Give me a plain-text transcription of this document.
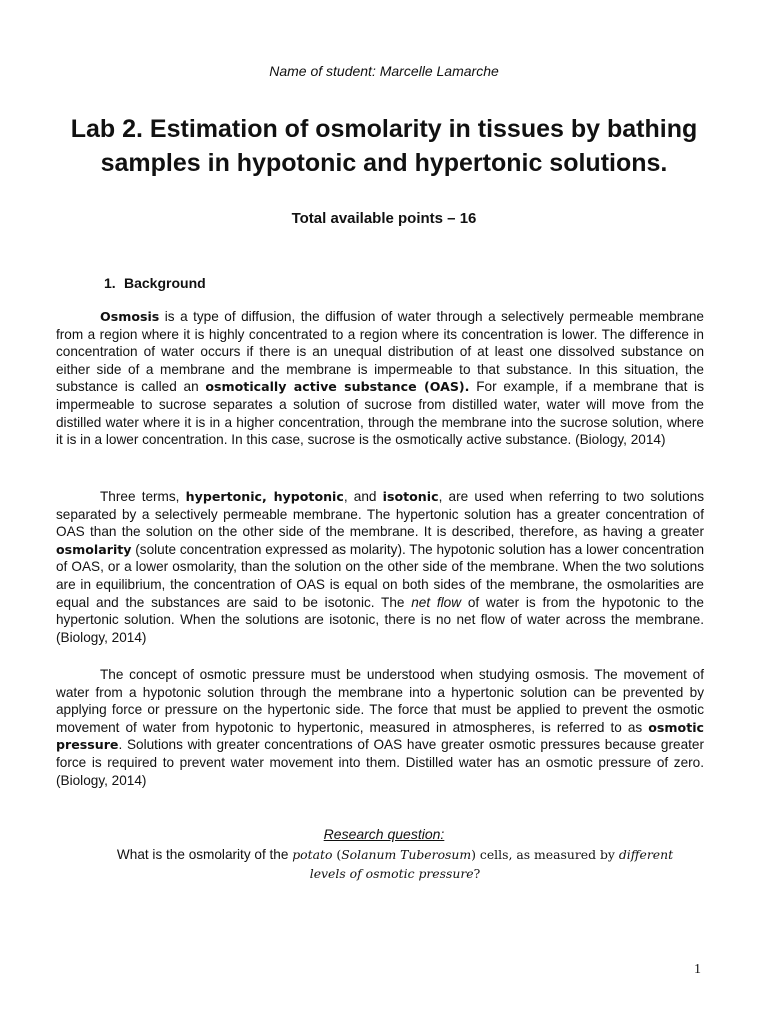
Name of student: Marcelle Lamarche
Lab 2. Estimation of osmolarity in tissues by bathing samples in hypotonic and hypertonic solutions.
Total available points – 16
1. Background

Osmosis is a type of diffusion, the diffusion of water through a selectively permeable membrane from a region where it is highly concentrated to a region where its concentration is lower. The difference in concentration of water occurs if there is an unequal distribution of at least one dissolved substance on either side of a membrane and the membrane is impermeable to that substance. In this situation, the substance is called an osmotically active substance (OAS). For example, if a membrane that is impermeable to sucrose separates a solution of sucrose from distilled water, water will move from the distilled water where it is in a higher concentration, through the membrane into the sucrose solution, where it is in a lower concentration. In this case, sucrose is the osmotically active substance. (Biology, 2014)

Three terms, hypertonic, hypotonic, and isotonic, are used when referring to two solutions separated by a selectively permeable membrane. The hypertonic solution has a greater concentration of OAS than the solution on the other side of the membrane. It is described, therefore, as having a greater osmolarity (solute concentration expressed as molarity). The hypotonic solution has a lower concentration of OAS, or a lower osmolarity, than the solution on the other side of the membrane. When the two solutions are in equilibrium, the concentration of OAS is equal on both sides of the membrane, the osmolarities are equal and the substances are said to be isotonic. The net flow of water is from the hypotonic to the hypertonic solution. When the solutions are isotonic, there is no net flow of water across the membrane. (Biology, 2014)

The concept of osmotic pressure must be understood when studying osmosis. The movement of water from a hypotonic solution through the membrane into a hypertonic solution can be prevented by applying force or pressure on the hypertonic side. The force that must be applied to prevent the osmotic movement of water from hypotonic to hypertonic, measured in atmospheres, is referred to as osmotic pressure. Solutions with greater concentrations of OAS have greater osmotic pressures because greater force is required to prevent water movement into them. Distilled water has an osmotic pressure of zero. (Biology, 2014)

Research question:
What is the osmolarity of the potato (Solanum Tuberosum) cells, as measured by different levels of osmotic pressure?
1
